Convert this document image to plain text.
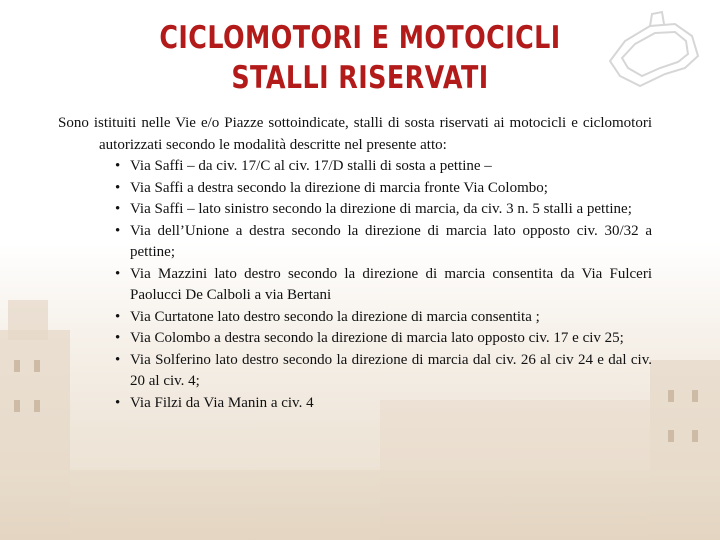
CICLOMOTORI E MOTOCICLI
STALLI RISERVATI

Sono istituiti nelle Vie e/o Piazze sottoindicate, stalli di sosta riservati ai motocicli e ciclomotori autorizzati secondo le modalità descritte nel presente atto:

• Via Saffi – da civ. 17/C al civ. 17/D stalli di sosta a pettine –
• Via Saffi a destra secondo la direzione di marcia fronte Via Colombo;
• Via Saffi – lato sinistro secondo la direzione di marcia, da civ. 3 n. 5 stalli a pettine;
• Via dell’Unione a destra secondo la direzione di marcia lato opposto civ. 30/32 a pettine;
• Via Mazzini lato destro secondo la direzione di marcia consentita da Via Fulceri Paolucci De Calboli a via Bertani
• Via Curtatone lato destro secondo la direzione di marcia consentita ;
• Via Colombo a destra secondo la direzione di marcia lato opposto civ. 17 e civ 25;
• Via Solferino lato destro secondo la direzione di marcia dal civ. 26 al civ 24 e dal civ. 20 al civ. 4;
• Via Filzi da Via Manin a civ. 4
